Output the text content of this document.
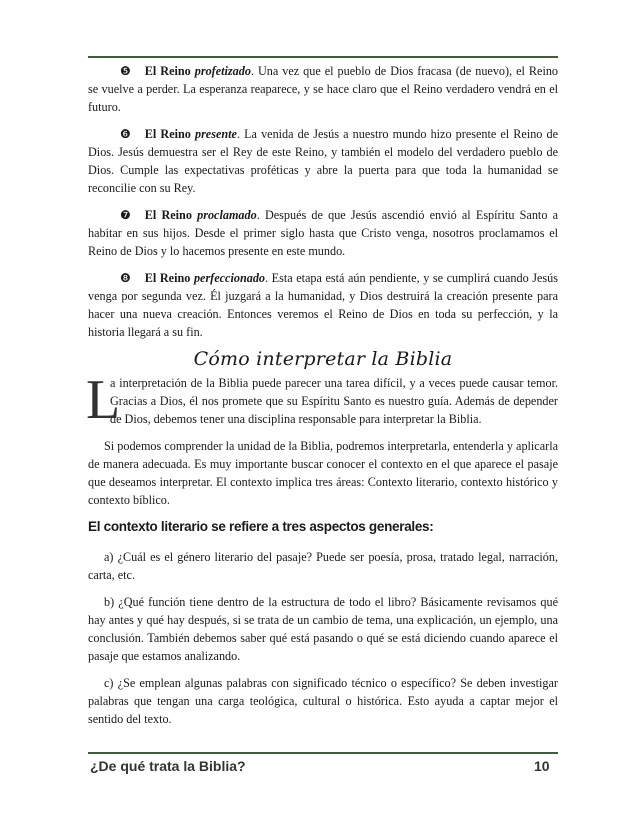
❺ El Reino profetizado. Una vez que el pueblo de Dios fracasa (de nuevo), el Reino se vuelve a perder. La esperanza reaparece, y se hace claro que el Reino verdadero vendrá en el futuro.

❻ El Reino presente. La venida de Jesús a nuestro mundo hizo presente el Reino de Dios. Jesús demuestra ser el Rey de este Reino, y también el modelo del verdadero pueblo de Dios. Cumple las expectativas proféticas y abre la puerta para que toda la humanidad se reconcilie con su Rey.

❼ El Reino proclamado. Después de que Jesús ascendió envió al Espíritu Santo a habitar en sus hijos. Desde el primer siglo hasta que Cristo venga, nosotros proclamamos el Reino de Dios y lo hacemos presente en este mundo.

❽ El Reino perfeccionado. Esta etapa está aún pendiente, y se cumplirá cuando Jesús venga por segunda vez. Él juzgará a la humanidad, y Dios destruirá la creación presente para hacer una nueva creación. Entonces veremos el Reino de Dios en toda su perfección, y la historia llegará a su fin.

Cómo interpretar la Biblia
L
a interpretación de la Biblia puede parecer una tarea difícil, y a veces puede causar temor. Gracias a Dios, él nos promete que su Espíritu Santo es nuestro guía. Además de depender de Dios, debemos tener una disciplina responsable para interpretar la Biblia.

Si podemos comprender la unidad de la Biblia, podremos interpretarla, entenderla y aplicarla de manera adecuada. Es muy importante buscar conocer el contexto en el que aparece el pasaje que deseamos interpretar. El contexto implica tres áreas: Contexto literario, contexto histórico y contexto bíblico.

El contexto literario se refiere a tres aspectos generales:

a) ¿Cuál es el género literario del pasaje? Puede ser poesía, prosa, tratado legal, narración, carta, etc.

b) ¿Qué función tiene dentro de la estructura de todo el libro? Básicamente revisamos qué hay antes y qué hay después, si se trata de un cambio de tema, una explicación, un ejemplo, una conclusión. También debemos saber qué está pasando o qué se está diciendo cuando aparece el pasaje que estamos analizando.

c) ¿Se emplean algunas palabras con significado técnico o específico? Se deben investigar palabras que tengan una carga teológica, cultural o histórica. Esto ayuda a captar mejor el sentido del texto.

¿De qué trata la Biblia?	10
